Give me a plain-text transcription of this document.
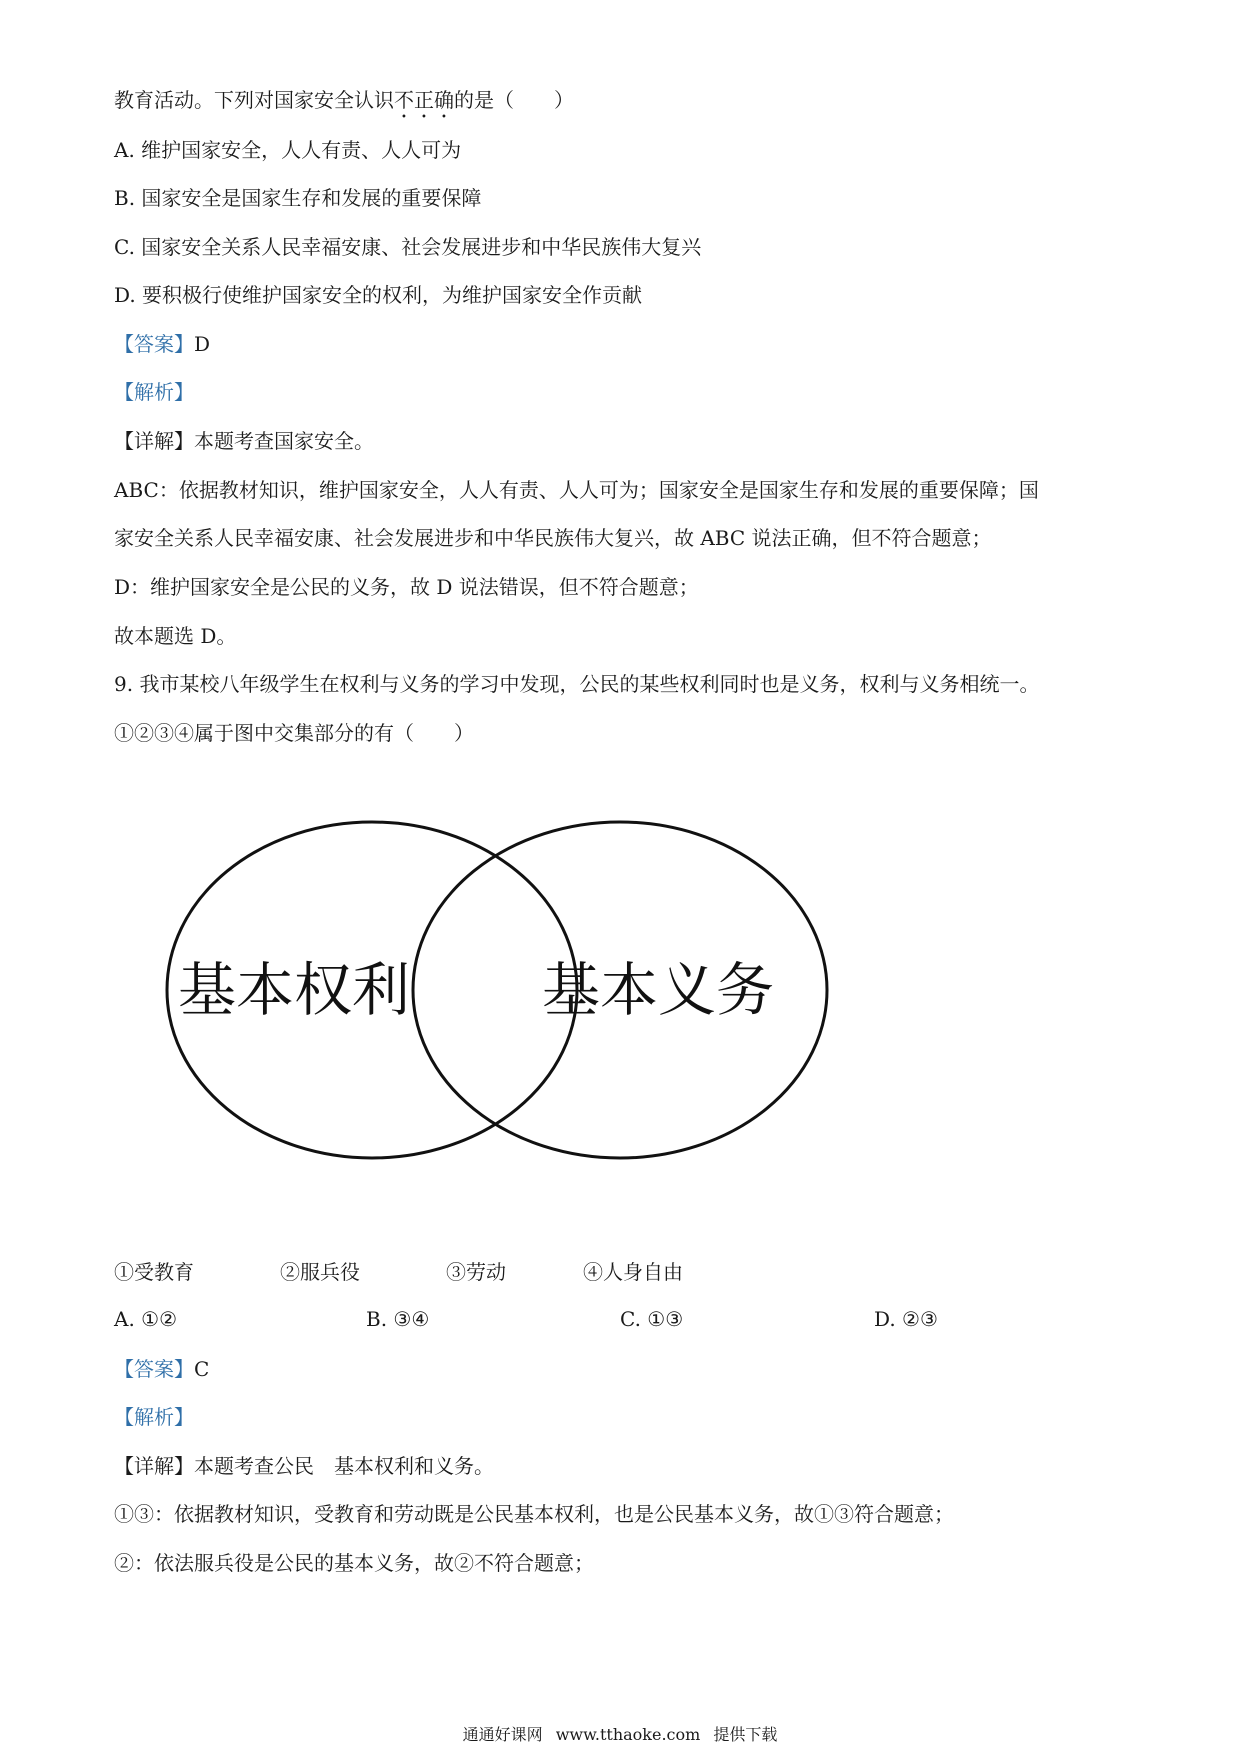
教育活动。下列对国家安全认识不正确的是（　　）
A. 维护国家安全，人人有责、人人可为
B. 国家安全是国家生存和发展的重要保障
C. 国家安全关系人民幸福安康、社会发展进步和中华民族伟大复兴
D. 要积极行使维护国家安全的权利，为维护国家安全作贡献
【答案】D
【解析】
【详解】本题考查国家安全。
ABC：依据教材知识，维护国家安全，人人有责、人人可为；国家安全是国家生存和发展的重要保障；国
家安全关系人民幸福安康、社会发展进步和中华民族伟大复兴，故 ABC 说法正确，但不符合题意；
D：维护国家安全是公民的义务，故 D 说法错误，但不符合题意；
故本题选 D。
9. 我市某校八年级学生在权利与义务的学习中发现，公民的某些权利同时也是义务，权利与义务相统一。
①②③④属于图中交集部分的有（　　）
基本权利 基本义务
①受教育	②服兵役	③劳动	④人身自由
A. ①②	B. ③④	C. ①③	D. ②③
【答案】C
【解析】
【详解】本题考查公民　基本权利和义务。
①③：依据教材知识，受教育和劳动既是公民基本权利，也是公民基本义务，故①③符合题意；
②：依法服兵役是公民的基本义务，故②不符合题意；
通通好课网 www.tthaoke.com 提供下载
